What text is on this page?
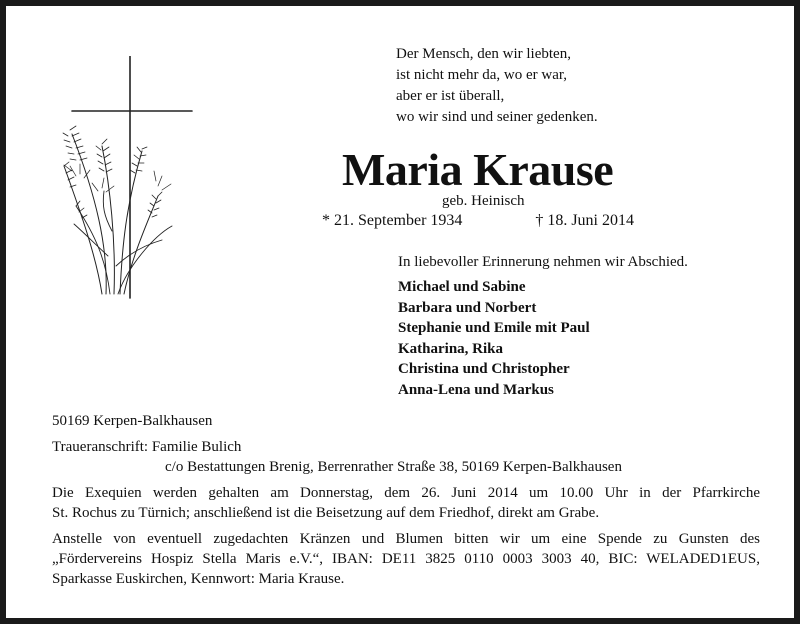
Der Mensch, den wir liebten,
ist nicht mehr da, wo er war,
aber er ist überall,
wo wir sind und seiner gedenken.
Maria Krause
geb. Heinisch
* 21. September 1934	† 18. Juni 2014
In liebevoller Erinnerung nehmen wir Abschied.
Michael und Sabine
Barbara und Norbert
Stephanie und Emile mit Paul
Katharina, Rika
Christina und Christopher
Anna-Lena und Markus
50169 Kerpen-Balkhausen
Traueranschrift: Familie Bulich
c/o Bestattungen Brenig, Berrenrather Straße 38, 50169 Kerpen-Balkhausen
Die Exequien werden gehalten am Donnerstag, dem 26. Juni 2014 um 10.00 Uhr in der Pfarrkirche
St. Rochus zu Türnich; anschließend ist die Beisetzung auf dem Friedhof, direkt am Grabe.
Anstelle von eventuell zugedachten Kränzen und Blumen bitten wir um eine Spende zu Gunsten des
„Fördervereins Hospiz Stella Maris e.V.“, IBAN: DE11 3825 0110 0003 3003 40, BIC: WELADED1EUS,
Sparkasse Euskirchen, Kennwort: Maria Krause.
